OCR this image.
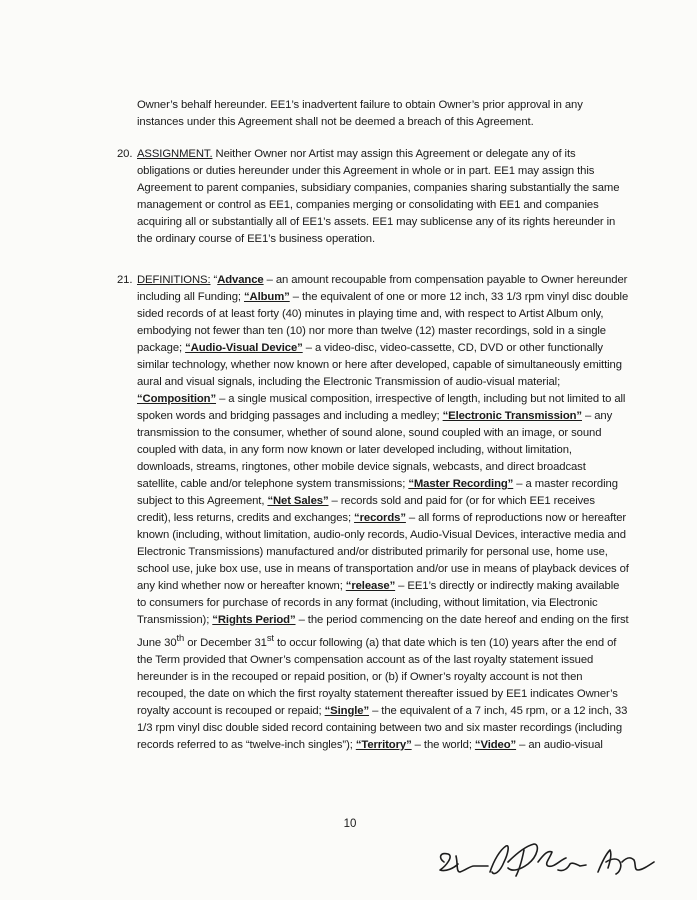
Owner’s behalf hereunder. EE1’s inadvertent failure to obtain Owner’s prior approval in any instances under this Agreement shall not be deemed a breach of this Agreement.
20. ASSIGNMENT. Neither Owner nor Artist may assign this Agreement or delegate any of its obligations or duties hereunder under this Agreement in whole or in part. EE1 may assign this Agreement to parent companies, subsidiary companies, companies sharing substantially the same management or control as EE1, companies merging or consolidating with EE1 and companies acquiring all or substantially all of EE1’s assets. EE1 may sublicense any of its rights hereunder in the ordinary course of EE1’s business operation.
21. DEFINITIONS: “Advance – an amount recoupable from compensation payable to Owner hereunder including all Funding; “Album” – the equivalent of one or more 12 inch, 33 1/3 rpm vinyl disc double sided records of at least forty (40) minutes in playing time and, with respect to Artist Album only, embodying not fewer than ten (10) nor more than twelve (12) master recordings, sold in a single package; “Audio-Visual Device” – a video-disc, video-cassette, CD, DVD or other functionally similar technology, whether now known or here after developed, capable of simultaneously emitting aural and visual signals, including the Electronic Transmission of audio-visual material; “Composition” – a single musical composition, irrespective of length, including but not limited to all spoken words and bridging passages and including a medley; “Electronic Transmission” – any transmission to the consumer, whether of sound alone, sound coupled with an image, or sound coupled with data, in any form now known or later developed including, without limitation, downloads, streams, ringtones, other mobile device signals, webcasts, and direct broadcast satellite, cable and/or telephone system transmissions; “Master Recording” – a master recording subject to this Agreement, “Net Sales” – records sold and paid for (or for which EE1 receives credit), less returns, credits and exchanges; “records” – all forms of reproductions now or hereafter known (including, without limitation, audio-only records, Audio-Visual Devices, interactive media and Electronic Transmissions) manufactured and/or distributed primarily for personal use, home use, school use, juke box use, use in means of transportation and/or use in means of playback devices of any kind whether now or hereafter known; “release” – EE1’s directly or indirectly making available to consumers for purchase of records in any format (including, without limitation, via Electronic Transmission); “Rights Period” – the period commencing on the date hereof and ending on the first June 30th or December 31st to occur following (a) that date which is ten (10) years after the end of the Term provided that Owner’s compensation account as of the last royalty statement issued hereunder is in the recouped or repaid position, or (b) if Owner’s royalty account is not then recouped, the date on which the first royalty statement thereafter issued by EE1 indicates Owner’s royalty account is recouped or repaid; “Single” – the equivalent of a 7 inch, 45 rpm, or a 12 inch, 33 1/3 rpm vinyl disc double sided record containing between two and six master recordings (including records referred to as “twelve-inch singles”); “Territory” – the world; “Video” – an audio-visual
10
